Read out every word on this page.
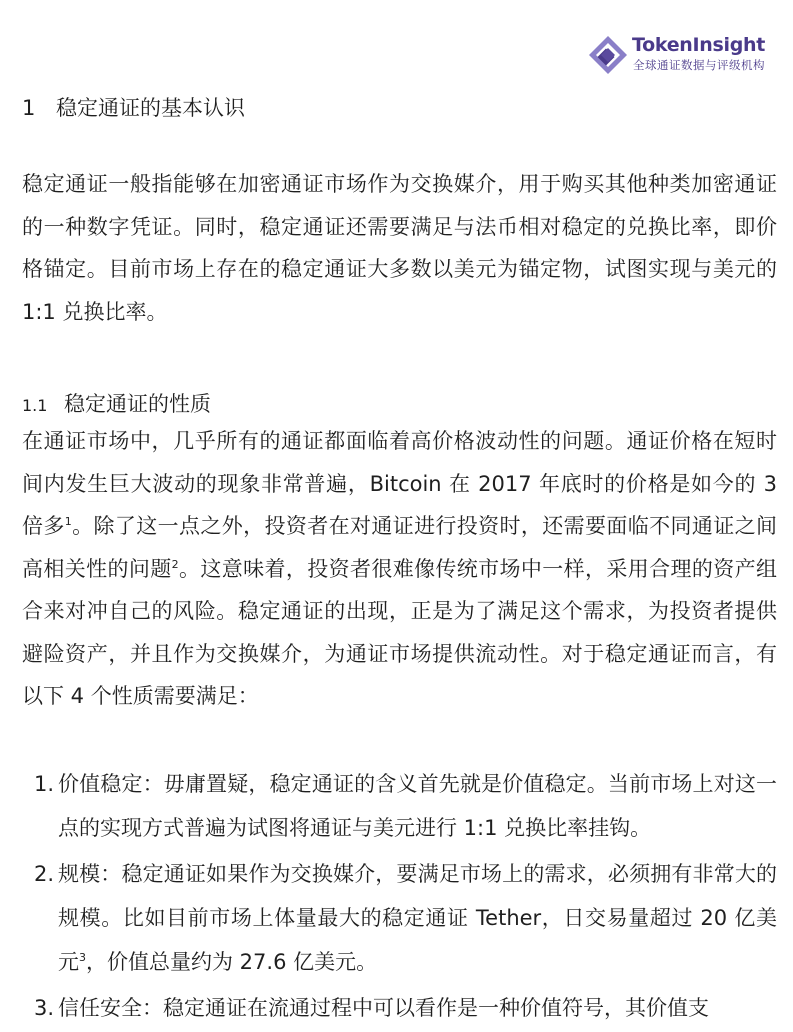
TokenInsight
全球通证数据与评级机构
1 稳定通证的基本认识

稳定通证一般指能够在加密通证市场作为交换媒介，用于购买其他种类加密通证的一种数字凭证。同时，稳定通证还需要满足与法币相对稳定的兑换比率，即价格锚定。目前市场上存在的稳定通证大多数以美元为锚定物，试图实现与美元的 1:1 兑换比率。

1.1 稳定通证的性质

在通证市场中，几乎所有的通证都面临着高价格波动性的问题。通证价格在短时间内发生巨大波动的现象非常普遍，Bitcoin 在 2017 年底时的价格是如今的 3 倍多$^1$。除了这一点之外，投资者在对通证进行投资时，还需要面临不同通证之间高相关性的问题$^2$。这意味着，投资者很难像传统市场中一样，采用合理的资产组合来对冲自己的风险。稳定通证的出现，正是为了满足这个需求，为投资者提供避险资产，并且作为交换媒介，为通证市场提供流动性。对于稳定通证而言，有以下 4 个性质需要满足：

1. 价值稳定：毋庸置疑，稳定通证的含义首先就是价值稳定。当前市场上对这一点的实现方式普遍为试图将通证与美元进行 1:1 兑换比率挂钩。
2. 规模：稳定通证如果作为交换媒介，要满足市场上的需求，必须拥有非常大的规模。比如目前市场上体量最大的稳定通证 Tether，日交易量超过 20 亿美元$^3$，价值总量约为 27.6 亿美元。
3. 信任安全：稳定通证在流通过程中可以看作是一种价值符号，其价值支
